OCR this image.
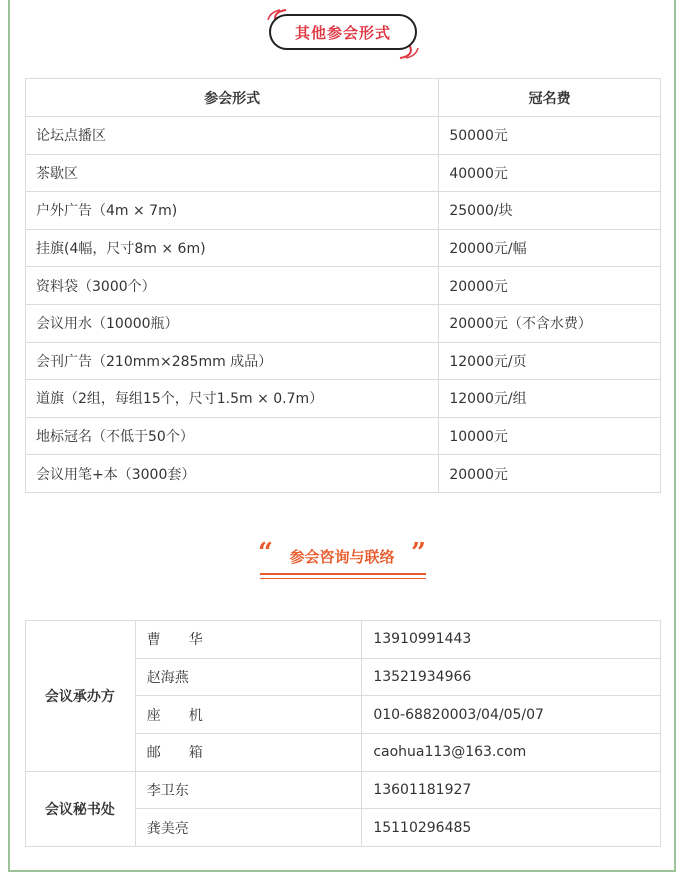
其他参会形式
参会形式	冠名费
论坛点播区	50000元
茶歇区	40000元
户外广告（4m × 7m)	25000/块
挂旗(4幅，尺寸8m × 6m)	20000元/幅
资料袋（3000个）	20000元
会议用水（10000瓶）	20000元（不含水费）
会刊广告（210mm×285mm 成品）	12000元/页
道旗（2组，每组15个，尺寸1.5m × 0.7m）	12000元/组
地标冠名（不低于50个）	10000元
会议用笔+本（3000套）	20000元
“	参会咨询与联络 ”
会议承办方	曹　　华	13910991443
	赵海燕	13521934966
	座　　机	010-68820003/04/05/07
	邮　　箱	caohua113@163.com
会议秘书处	李卫东	13601181927
	龚美亮	15110296485
